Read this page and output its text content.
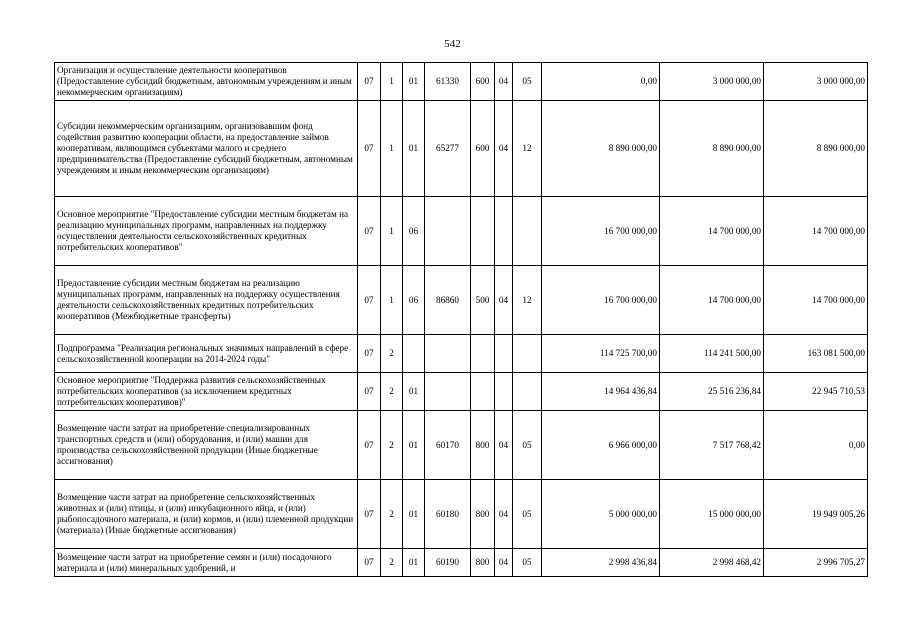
542
Организация и осуществление деятельности кооперативов (Предоставление субсидий бюджетным, автономным учреждениям и иным некоммерческим организациям)	07	1	01	61330	600	04	05	0,00	3 000 000,00	3 000 000,00
Субсидии некоммерческим организациям, организовавшим фонд содействия развитию кооперации области, на предоставление займов кооперативам, являющимся субъектами малого и среднего предпринимательства (Предоставление субсидий бюджетным, автономным учреждениям и иным некоммерческим организациям)	07	1	01	65277	600	04	12	8 890 000,00	8 890 000,00	8 890 000,00
Основное мероприятие "Предоставление субсидии местным бюджетам на реализацию муниципальных программ, направленных на поддержку осуществления деятельности сельскохозяйственных кредитных потребительских кооперативов"	07	1	06					16 700 000,00	14 700 000,00	14 700 000,00
Предоставление субсидии местным бюджетам на реализацию муниципальных программ, направленных на поддержку осуществления деятельности сельскохозяйственных кредитных потребительских кооперативов (Межбюджетные трансферты)	07	1	06	86860	500	04	12	16 700 000,00	14 700 000,00	14 700 000,00
Подпрограмма "Реализация региональных значимых направлений в сфере сельскохозяйственной кооперации на 2014-2024 годы"	07	2						114 725 700,00	114 241 500,00	163 081 500,00
Основное мероприятие "Поддержка развития сельскохозяйственных потребительских кооперативов (за исключением кредитных потребительских кооперативов)"	07	2	01					14 964 436,84	25 516 236,84	22 945 710,53
Возмещение части затрат на приобретение специализированных транспортных средств и (или) оборудования, и (или) машин для производства сельскохозяйственной продукции (Иные бюджетные ассигнования)	07	2	01	60170	800	04	05	6 966 000,00	7 517 768,42	0,00
Возмещение части затрат на приобретение сельскохозяйственных животных и (или) птицы, и (или) инкубационного яйца, и (или) рыбопосадочного материала, и (или) кормов, и (или) племенной продукции (материала) (Иные бюджетные ассигнования)	07	2	01	60180	800	04	05	5 000 000,00	15 000 000,00	19 949 005,26
Возмещение части затрат на приобретение семян и (или) посадочного материала и (или) минеральных удобрений, и	07	2	01	60190	800	04	05	2 998 436,84	2 998 468,42	2 996 705,27
